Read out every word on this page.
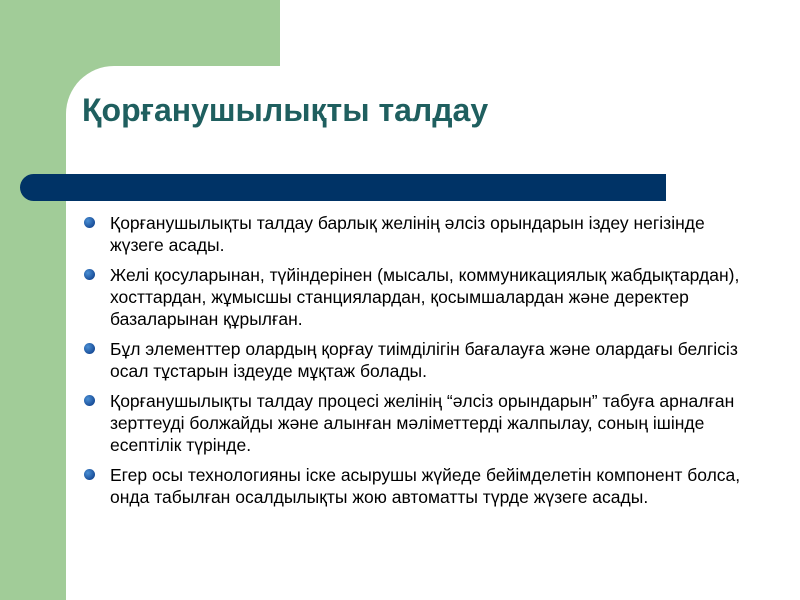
Қорғанушылықты талдау
Қорғанушылықты талдау барлық желінің әлсіз орындарын іздеу негізінде жүзеге асады.
Желі қосуларынан, түйіндерінен (мысалы, коммуникациялық жабдықтардан), хосттардан, жұмысшы станциялардан, қосымшалардан және деректер базаларынан құрылған.
Бұл элементтер олардың қорғау тиімділігін бағалауға және олардағы белгісіз осал тұстарын іздеуде мұқтаж болады.
Қорғанушылықты талдау процесі желінің “әлсіз орындарын” табуға арналған зерттеуді болжайды және алынған мәліметтерді жалпылау, соның ішінде есептілік түрінде.
Егер осы технологияны іске асырушы жүйеде бейімделетін компонент болса, онда табылған осалдылықты жою автоматты түрде жүзеге асады.
